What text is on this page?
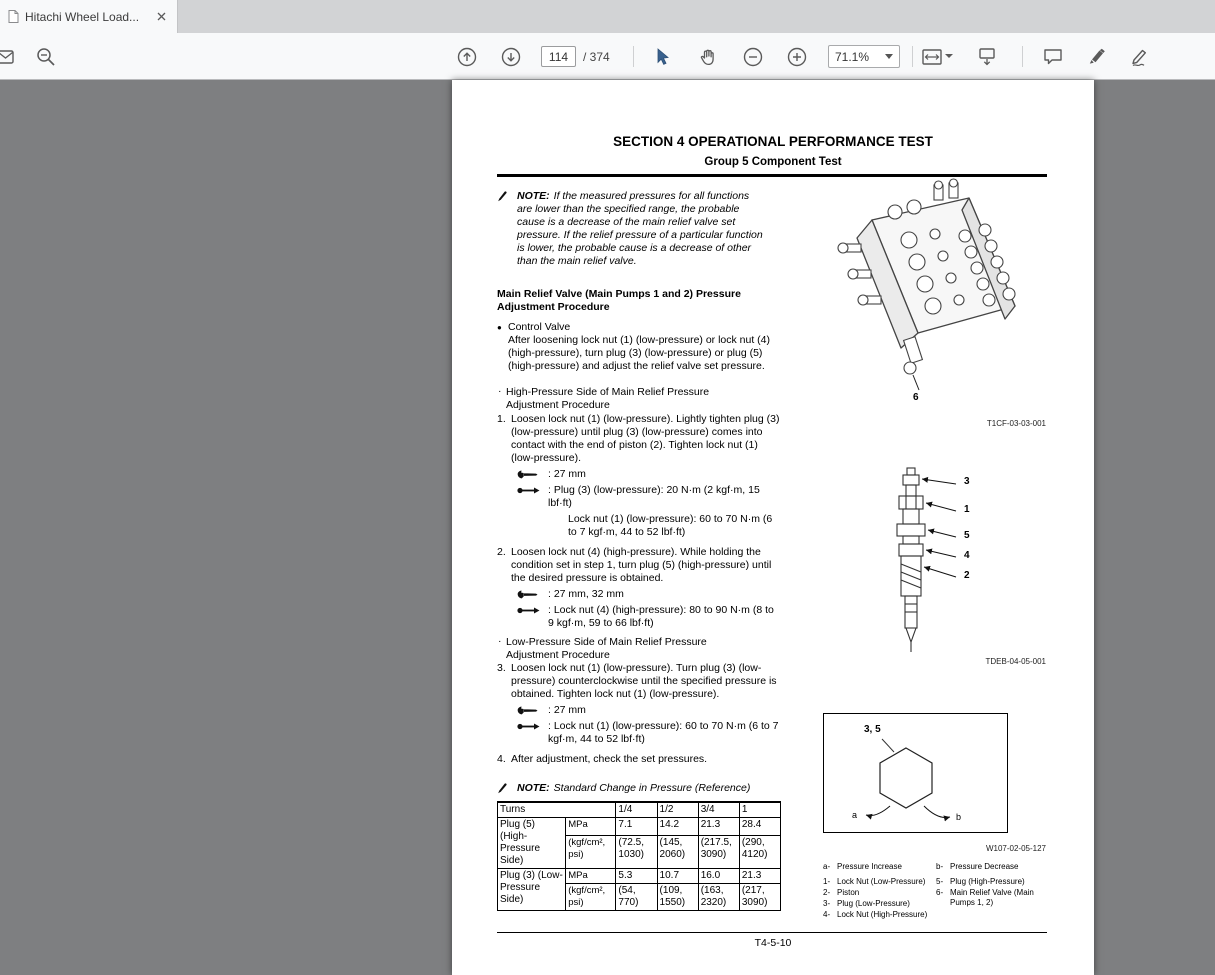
Hitachi Wheel Load...
114
/ 374	71.1%
SECTION 4 OPERATIONAL PERFORMANCE TEST
Group 5 Component Test
NOTE: If the measured pressures for all functions are lower than the specified range, the probable cause is a decrease of the main relief valve set pressure. If the relief pressure of a particular function is lower, the probable cause is a decrease of other than the main relief valve.
Main Relief Valve (Main Pumps 1 and 2) Pressure Adjustment Procedure
● Control Valve
After loosening lock nut (1) (low-pressure) or lock nut (4) (high-pressure), turn plug (3) (low-pressure) or plug (5) (high-pressure) and adjust the relief valve set pressure.
· High-Pressure Side of Main Relief Pressure Adjustment Procedure
1. Loosen lock nut (1) (low-pressure). Lightly tighten plug (3) (low-pressure) until plug (3) (low-pressure) comes into contact with the end of piston (2). Tighten lock nut (1) (low-pressure).
: 27 mm
: Plug (3) (low-pressure): 20 N·m (2 kgf·m, 15 lbf·ft)
Lock nut (1) (low-pressure): 60 to 70 N·m (6 to 7 kgf·m, 44 to 52 lbf·ft)
2. Loosen lock nut (4) (high-pressure). While holding the condition set in step 1, turn plug (5) (high-pressure) until the desired pressure is obtained.
: 27 mm, 32 mm
: Lock nut (4) (high-pressure): 80 to 90 N·m (8 to 9 kgf·m, 59 to 66 lbf·ft)
· Low-Pressure Side of Main Relief Pressure Adjustment Procedure
3. Loosen lock nut (1) (low-pressure). Turn plug (3) (low-pressure) counterclockwise until the specified pressure is obtained. Tighten lock nut (1) (low-pressure).
: 27 mm
: Lock nut (1) (low-pressure): 60 to 70 N·m (6 to 7 kgf·m, 44 to 52 lbf·ft)
4. After adjustment, check the set pressures.
NOTE: Standard Change in Pressure (Reference)
Turns		1/4	1/2	3/4	1
Plug (5) (High-Pressure Side)	MPa	7.1	14.2	21.3	28.4
	(kgf/cm², psi)	(72.5, 1030)	(145, 2060)	(217.5, 3090)	(290, 4120)
Plug (3) (Low-Pressure Side)	MPa	5.3	10.7	16.0	21.3
	(kgf/cm², psi)	(54, 770)	(109, 1550)	(163, 2320)	(217, 3090)
6
T1CF-03-03-001
3
1
5
4
2
TDEB-04-05-001
3, 5
a	b
W107-02-05-127
a- Pressure Increase
1- Lock Nut (Low-Pressure)
2- Piston
3- Plug (Low-Pressure)
4- Lock Nut (High-Pressure)
b- Pressure Decrease
5- Plug (High-Pressure)
6- Main Relief Valve (Main Pumps 1, 2)
T4-5-10
